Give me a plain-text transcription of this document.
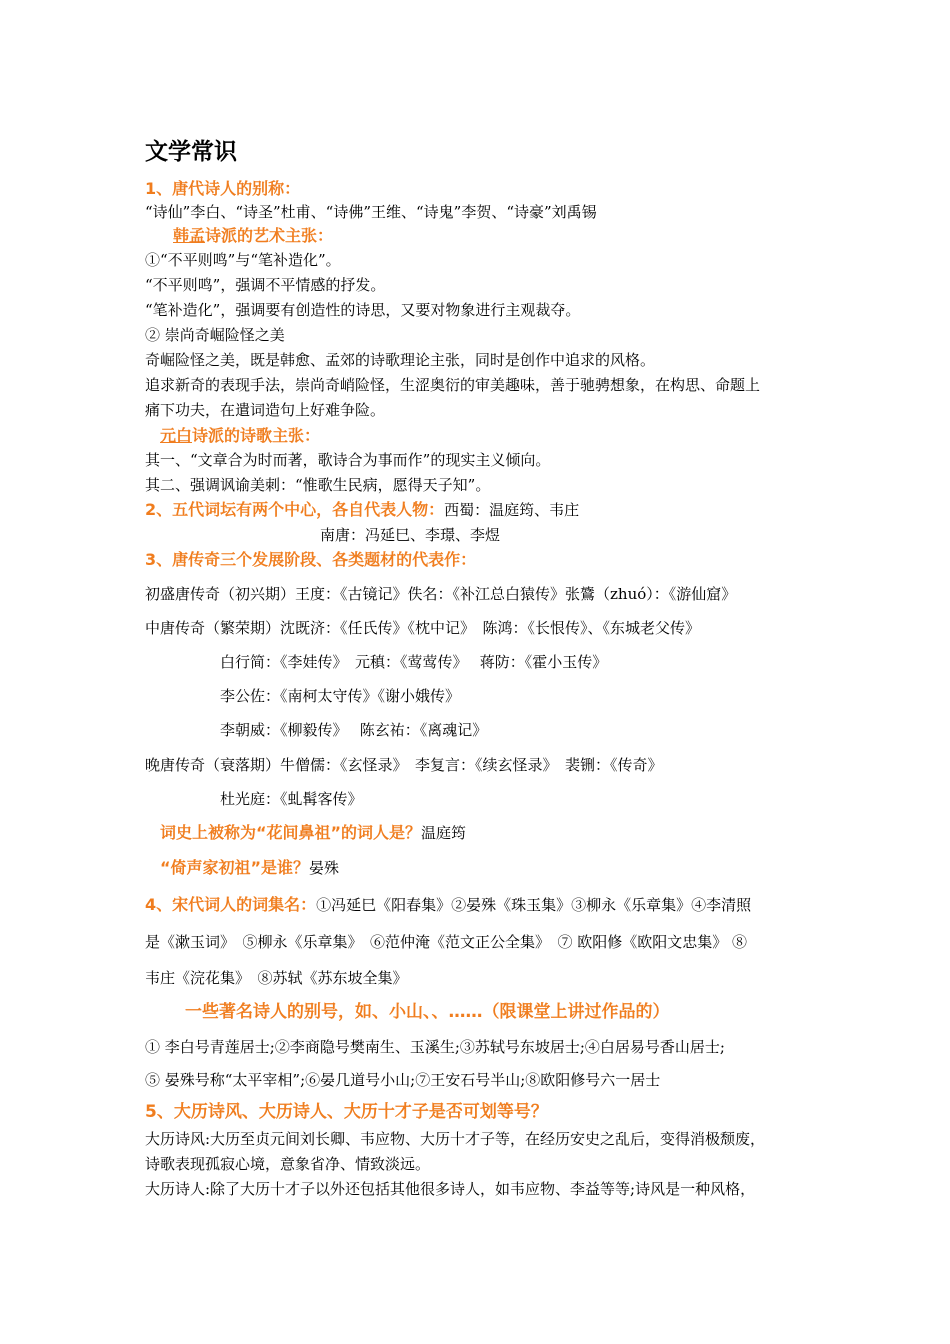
文学常识
1、唐代诗人的别称：
“诗仙”李白、“诗圣”杜甫、“诗佛”王维、“诗鬼”李贺、“诗豪”刘禹锡
韩孟诗派的艺术主张：
①“不平则鸣”与“笔补造化”。
“不平则鸣”，强调不平情感的抒发。
“笔补造化”，强调要有创造性的诗思，又要对物象进行主观裁夺。
② 崇尚奇崛险怪之美
奇崛险怪之美，既是韩愈、孟郊的诗歌理论主张，同时是创作中追求的风格。
追求新奇的表现手法，崇尚奇峭险怪，生涩奥衍的审美趣味，善于驰骋想象，在构思、命题上
痛下功夫，在遣词造句上好难争险。
元白诗派的诗歌主张：
其一、“文章合为时而著，歌诗合为事而作”的现实主义倾向。
其二、强调讽谕美刺：“惟歌生民病，愿得天子知”。
2、五代词坛有两个中心，各自代表人物：西蜀：温庭筠、韦庄
南唐：冯延巳、李璟、李煜
3、唐传奇三个发展阶段、各类题材的代表作：
初盛唐传奇（初兴期）王度：《古镜记》佚名：《补江总白猿传》张鷟（zhuó）：《游仙窟》
中唐传奇（繁荣期）沈既济：《任氏传》《枕中记》　陈鸿：《长恨传》、《东城老父传》
白行简：《李娃传》　元稹：《莺莺传》　 蒋防：《霍小玉传》
李公佐：《南柯太守传》《谢小娥传》
李朝威：《柳毅传》　 陈玄祐：《离魂记》
晚唐传奇（衰落期）牛僧儒：《玄怪录》　李复言：《续玄怪录》　裴铏：《传奇》
杜光庭：《虬髯客传》
词史上被称为“花间鼻祖”的词人是？温庭筠
“倚声家初祖”是谁？晏殊
4、宋代词人的词集名：①冯延巳《阳春集》②晏殊《珠玉集》③柳永《乐章集》④李清照
是《漱玉词》　⑤柳永《乐章集》　⑥范仲淹《范文正公全集》　⑦ 欧阳修《欧阳文忠集》 ⑧
韦庄《浣花集》　⑧苏轼《苏东坡全集》
一些著名诗人的别号，如、小山、、……（限课堂上讲过作品的）
① 李白号青莲居士;②李商隐号樊南生、玉溪生;③苏轼号东坡居士;④白居易号香山居士;
⑤ 晏殊号称“太平宰相”;⑥晏几道号小山;⑦王安石号半山;⑧欧阳修号六一居士
5、大历诗风、大历诗人、大历十才子是否可划等号？
大历诗风:大历至贞元间刘长卿、韦应物、大历十才子等，在经历安史之乱后，变得消极颓废，
诗歌表现孤寂心境，意象省净、情致淡远。
大历诗人:除了大历十才子以外还包括其他很多诗人，如韦应物、李益等等;诗风是一种风格，
